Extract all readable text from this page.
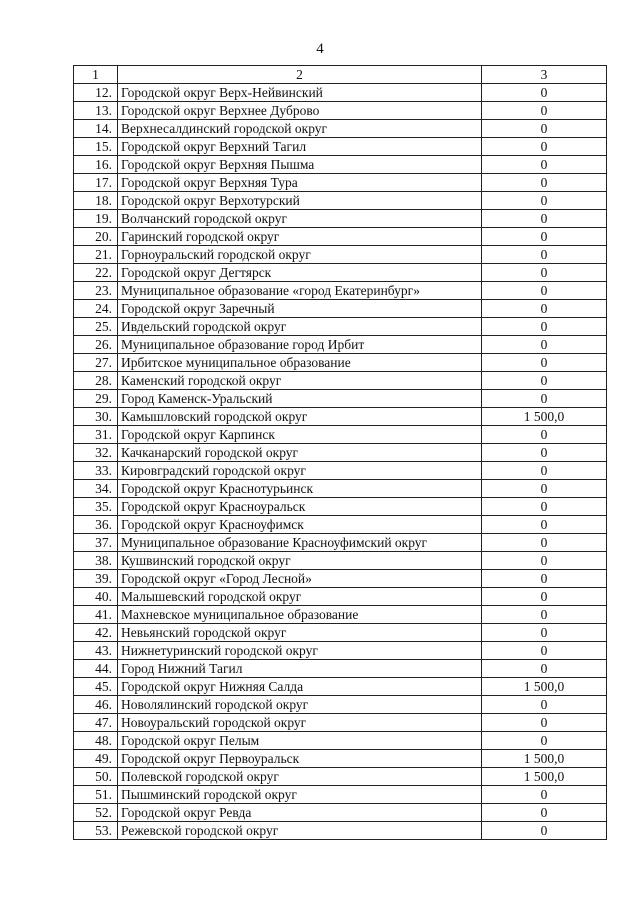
4
1	2	3
12.	Городской округ Верх-Нейвинский	0
13.	Городской округ Верхнее Дуброво	0
14.	Верхнесалдинский городской округ	0
15.	Городской округ Верхний Тагил	0
16.	Городской округ Верхняя Пышма	0
17.	Городской округ Верхняя Тура	0
18.	Городской округ Верхотурский	0
19.	Волчанский городской округ	0
20.	Гаринский городской округ	0
21.	Горноуральский городской округ	0
22.	Городской округ Дегтярск	0
23.	Муниципальное образование «город Екатеринбург»	0
24.	Городской округ Заречный	0
25.	Ивдельский городской округ	0
26.	Муниципальное образование город Ирбит	0
27.	Ирбитское муниципальное образование	0
28.	Каменский городской округ	0
29.	Город Каменск-Уральский	0
30.	Камышловский городской округ	1 500,0
31.	Городской округ Карпинск	0
32.	Качканарский городской округ	0
33.	Кировградский городской округ	0
34.	Городской округ Краснотурьинск	0
35.	Городской округ Красноуральск	0
36.	Городской округ Красноуфимск	0
37.	Муниципальное образование Красноуфимский округ	0
38.	Кушвинский городской округ	0
39.	Городской округ «Город Лесной»	0
40.	Малышевский городской округ	0
41.	Махневское муниципальное образование	0
42.	Невьянский городской округ	0
43.	Нижнетуринский городской округ	0
44.	Город Нижний Тагил	0
45.	Городской округ Нижняя Салда	1 500,0
46.	Новолялинский городской округ	0
47.	Новоуральский городской округ	0
48.	Городской округ Пелым	0
49.	Городской округ Первоуральск	1 500,0
50.	Полевской городской округ	1 500,0
51.	Пышминский городской округ	0
52.	Городской округ Ревда	0
53.	Режевской городской округ	0
